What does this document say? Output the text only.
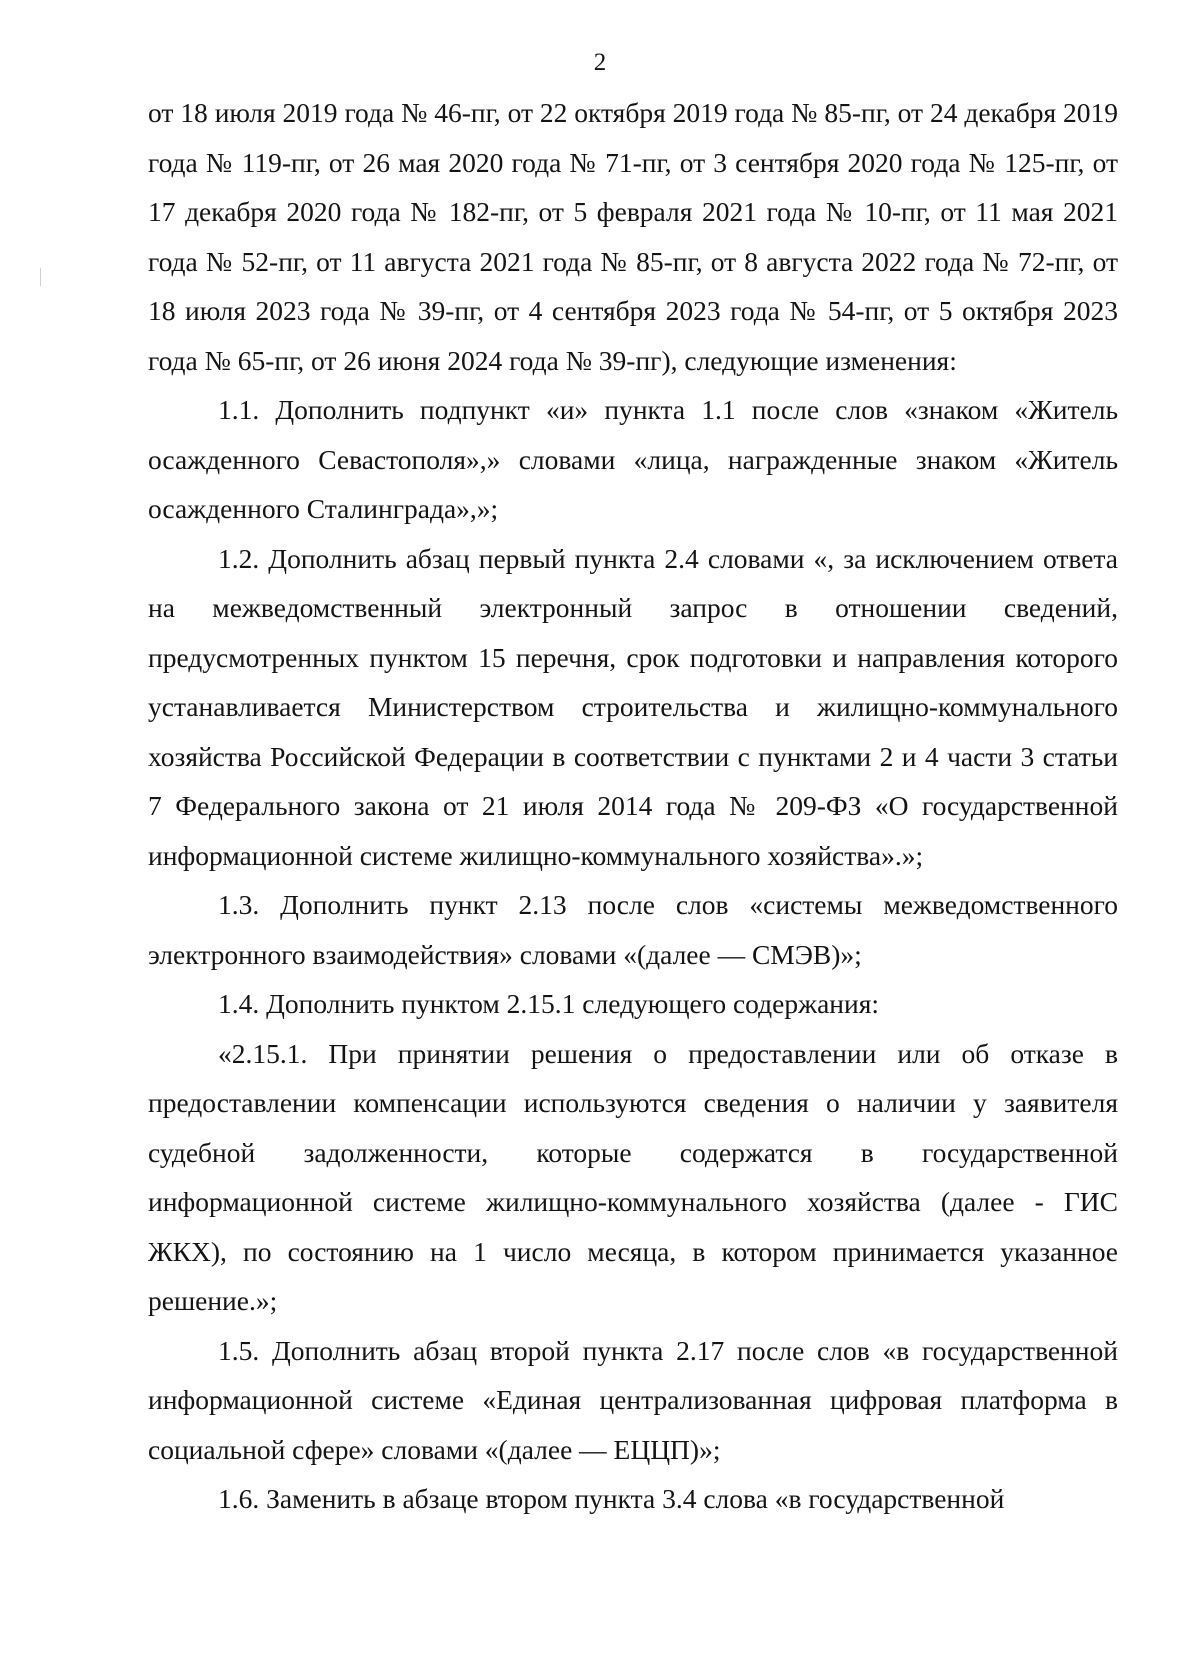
2

от 18 июля 2019 года № 46-пг, от 22 октября 2019 года № 85-пг, от 24 декабря 2019 года № 119-пг, от 26 мая 2020 года № 71-пг, от 3 сентября 2020 года № 125-пг, от 17 декабря 2020 года № 182-пг, от 5 февраля 2021 года № 10-пг, от 11 мая 2021 года № 52-пг, от 11 августа 2021 года № 85-пг, от 8 августа 2022 года № 72-пг, от 18 июля 2023 года № 39-пг, от 4 сентября 2023 года № 54-пг, от 5 октября 2023 года № 65-пг, от 26 июня 2024 года № 39-пг), следующие изменения:

1.1. Дополнить подпункт «и» пункта 1.1 после слов «знаком «Житель осажденного Севастополя»,» словами «лица, награжденные знаком «Житель осажденного Сталинграда»,»;

1.2. Дополнить абзац первый пункта 2.4 словами «, за исключением ответа на межведомственный электронный запрос в отношении сведений, предусмотренных пунктом 15 перечня, срок подготовки и направления которого устанавливается Министерством строительства и жилищно-коммунального хозяйства Российской Федерации в соответствии с пунктами 2 и 4 части 3 статьи 7 Федерального закона от 21 июля 2014 года № 209-ФЗ «О государственной информационной системе жилищно-коммунального хозяйства».»;

1.3. Дополнить пункт 2.13 после слов «системы межведомственного электронного взаимодействия» словами «(далее — СМЭВ)»;

1.4. Дополнить пунктом 2.15.1 следующего содержания:

«2.15.1. При принятии решения о предоставлении или об отказе в предоставлении компенсации используются сведения о наличии у заявителя судебной задолженности, которые содержатся в государственной информационной системе жилищно-коммунального хозяйства (далее - ГИС ЖКХ), по состоянию на 1 число месяца, в котором принимается указанное решение.»;

1.5. Дополнить абзац второй пункта 2.17 после слов «в государственной информационной системе «Единая централизованная цифровая платформа в социальной сфере» словами «(далее — ЕЦЦП)»;

1.6. Заменить в абзаце втором пункта 3.4 слова «в государственной
